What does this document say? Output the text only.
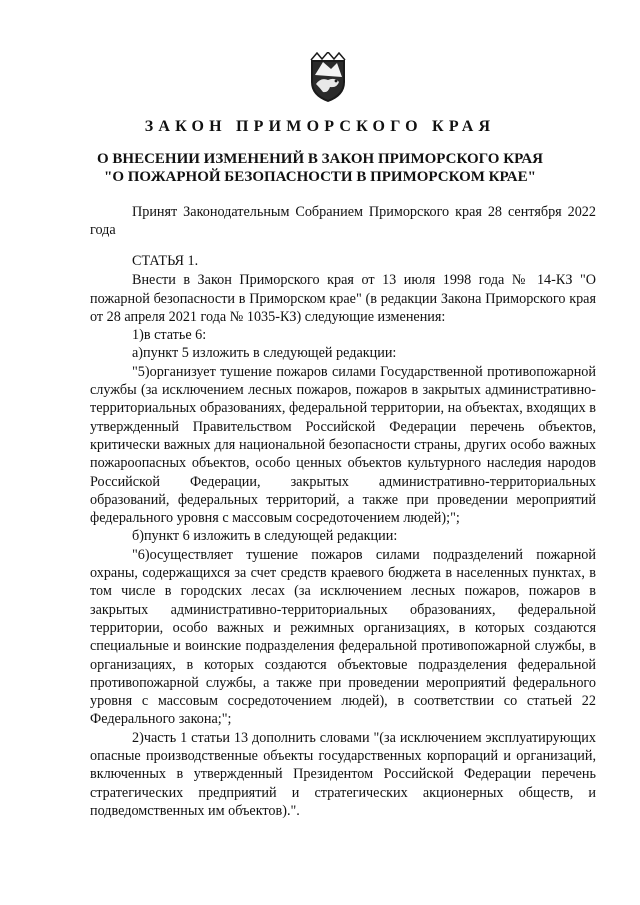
ЗАКОН ПРИМОРСКОГО КРАЯ
О ВНЕСЕНИИ ИЗМЕНЕНИЙ В ЗАКОН ПРИМОРСКОГО КРАЯ
"О ПОЖАРНОЙ БЕЗОПАСНОСТИ В ПРИМОРСКОМ КРАЕ"
Принят Законодательным Собранием Приморского края 28 сентября 2022 года

СТАТЬЯ 1.

Внести в Закон Приморского края от 13 июля 1998 года № 14-КЗ "О пожарной безопасности в Приморском крае" (в редакции Закона Приморского края от 28 апреля 2021 года № 1035-КЗ) следующие изменения:

1)в статье 6:

а)пункт 5 изложить в следующей редакции:

"5)организует тушение пожаров силами Государственной противопожарной службы (за исключением лесных пожаров, пожаров в закрытых административно-территориальных образованиях, федеральной территории, на объектах, входящих в утвержденный Правительством Российской Федерации перечень объектов, критически важных для национальной безопасности страны, других особо важных пожароопасных объектов, особо ценных объектов культурного наследия народов Российской Федерации, закрытых административно-территориальных образований, федеральных территорий, а также при проведении мероприятий федерального уровня с массовым сосредоточением людей);";

б)пункт 6 изложить в следующей редакции:

"6)осуществляет тушение пожаров силами подразделений пожарной охраны, содержащихся за счет средств краевого бюджета в населенных пунктах, в том числе в городских лесах (за исключением лесных пожаров, пожаров в закрытых административно-территориальных образованиях, федеральной территории, особо важных и режимных организациях, в которых создаются специальные и воинские подразделения федеральной противопожарной службы, в организациях, в которых создаются объектовые подразделения федеральной противопожарной службы, а также при проведении мероприятий федерального уровня с массовым сосредоточением людей), в соответствии со статьей 22 Федерального закона;";

2)часть 1 статьи 13 дополнить словами "(за исключением эксплуатирующих опасные производственные объекты государственных корпораций и организаций, включенных в утвержденный Президентом Российской Федерации перечень стратегических предприятий и стратегических акционерных обществ, и подведомственных им объектов).".
